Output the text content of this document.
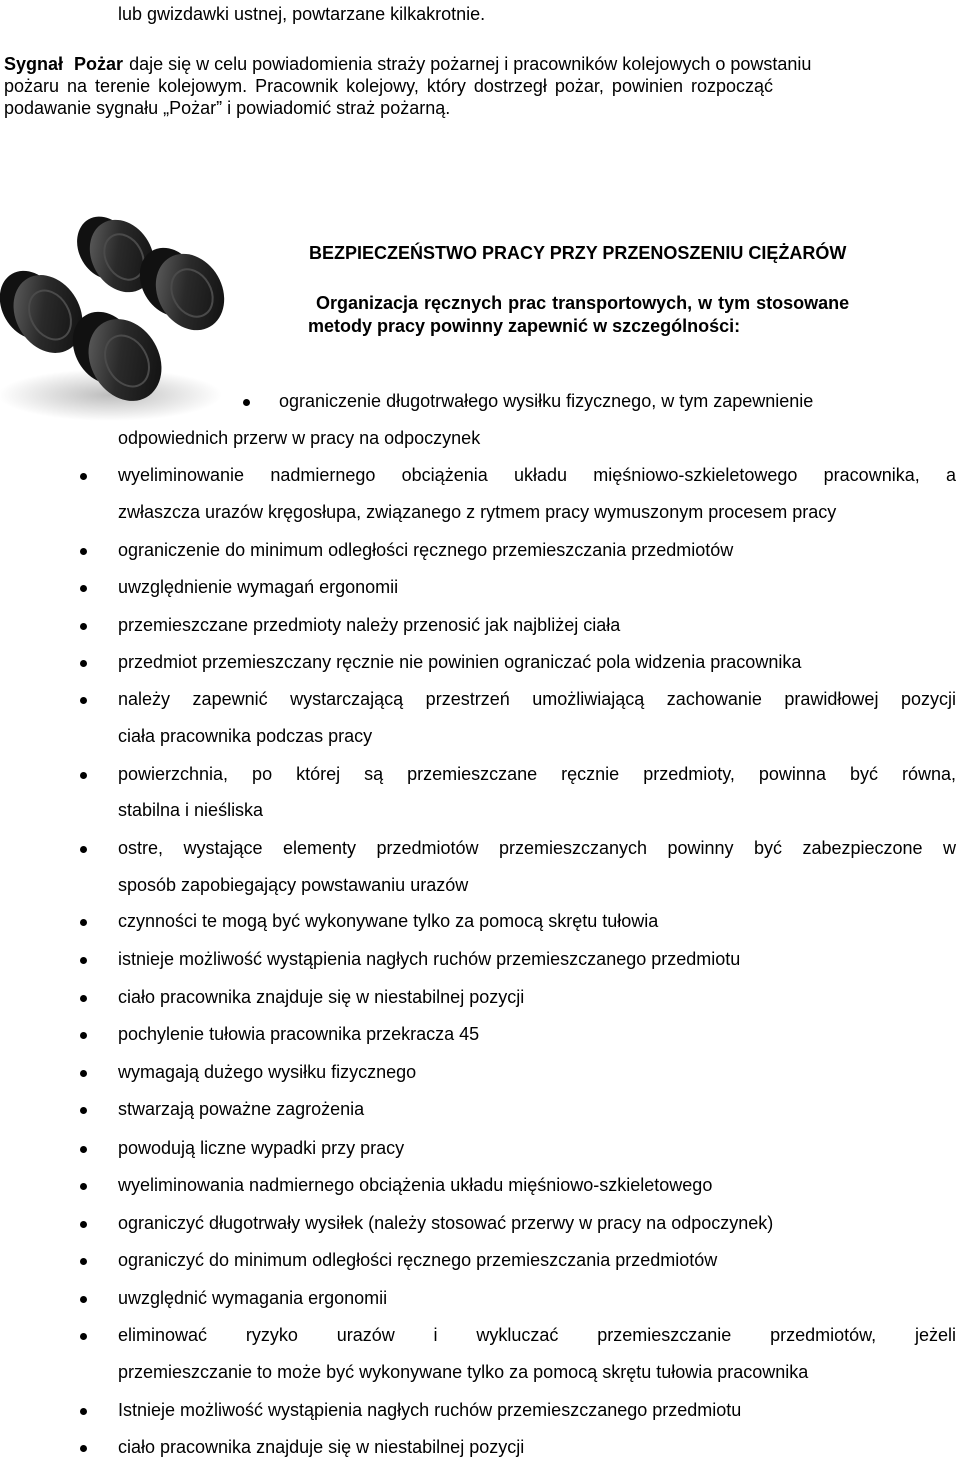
lub gwizdawki ustnej, powtarzane kilkakrotnie.
Sygnał Pożar daje się w celu powiadomienia straży pożarnej i pracowników kolejowych o powstaniu
pożaru na terenie kolejowym. Pracownik kolejowy, który dostrzegł pożar, powinien rozpocząć
podawanie sygnału „Pożar” i powiadomić straż pożarną.
BEZPIECZEŃSTWO PRACY PRZY PRZENOSZENIU CIĘŻARÓW
Organizacja ręcznych prac transportowych, w tym stosowane
metody pracy powinny zapewnić w szczególności:
ograniczenie długotrwałego wysiłku fizycznego, w tym zapewnienie
odpowiednich przerw w pracy na odpoczynek
wyeliminowanie nadmiernego obciążenia układu mięśniowo-szkieletowego pracownika, a
zwłaszcza urazów kręgosłupa, związanego z rytmem pracy wymuszonym procesem pracy
ograniczenie do minimum odległości ręcznego przemieszczania przedmiotów
uwzględnienie wymagań ergonomii
przemieszczane przedmioty należy przenosić jak najbliżej ciała
przedmiot przemieszczany ręcznie nie powinien ograniczać pola widzenia pracownika
należy zapewnić wystarczającą przestrzeń umożliwiającą zachowanie prawidłowej pozycji
ciała pracownika podczas pracy
powierzchnia, po której są przemieszczane ręcznie przedmioty, powinna być równa,
stabilna i nieśliska
ostre, wystające elementy przedmiotów przemieszczanych powinny być zabezpieczone w
sposób zapobiegający powstawaniu urazów
czynności te mogą być wykonywane tylko za pomocą skrętu tułowia
istnieje możliwość wystąpienia nagłych ruchów przemieszczanego przedmiotu
ciało pracownika znajduje się w niestabilnej pozycji
pochylenie tułowia pracownika przekracza 45
wymagają dużego wysiłku fizycznego
stwarzają poważne zagrożenia
powodują liczne wypadki przy pracy
wyeliminowania nadmiernego obciążenia układu mięśniowo-szkieletowego
ograniczyć długotrwały wysiłek (należy stosować przerwy w pracy na odpoczynek)
ograniczyć do minimum odległości ręcznego przemieszczania przedmiotów
uwzględnić wymagania ergonomii
eliminować ryzyko urazów i wykluczać przemieszczanie przedmiotów, jeżeli
przemieszczanie to może być wykonywane tylko za pomocą skrętu tułowia pracownika
Istnieje możliwość wystąpienia nagłych ruchów przemieszczanego przedmiotu
ciało pracownika znajduje się w niestabilnej pozycji
